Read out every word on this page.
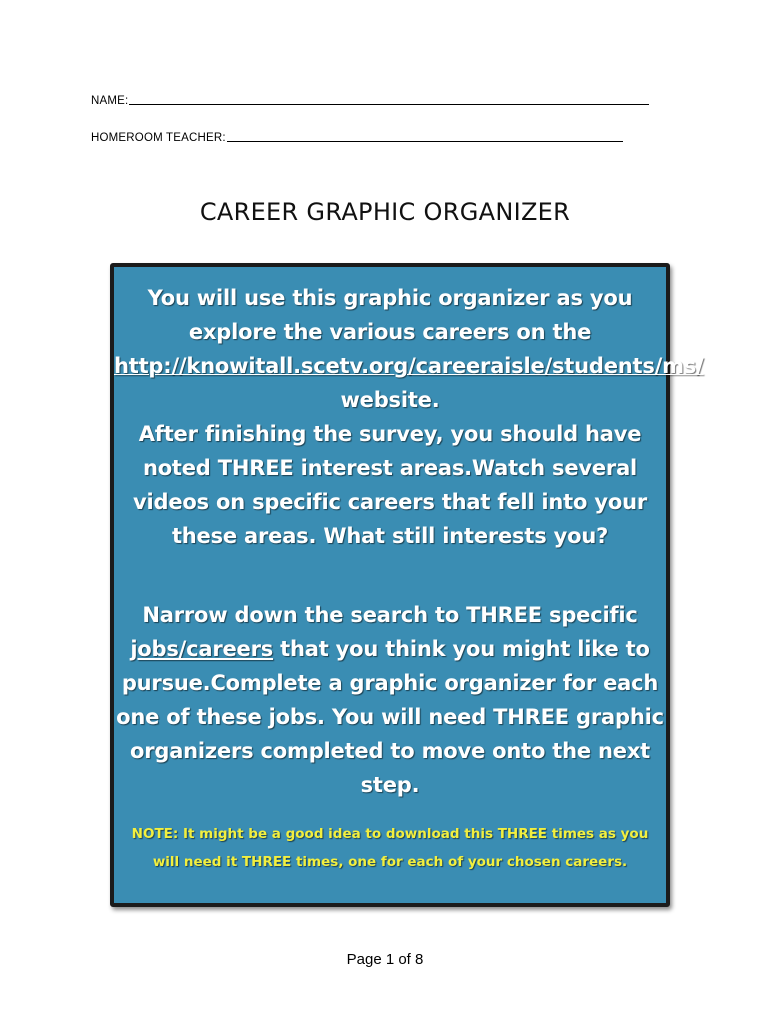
NAME:
HOMEROOM TEACHER:
CAREER GRAPHIC ORGANIZER
You will use this graphic organizer as you explore the various careers on the http://knowitall.scetv.org/careeraisle/students/ms/ website.
After finishing the survey, you should have noted THREE interest areas.Watch several videos on specific careers that fell into your these areas. What still interests you?
Narrow down the search to THREE specific jobs/careers that you think you might like to pursue.Complete a graphic organizer for each one of these jobs. You will need THREE graphic organizers completed to move onto the next step.
NOTE: It might be a good idea to download this THREE times as you will need it THREE times, one for each of your chosen careers.
Page 1 of 8
